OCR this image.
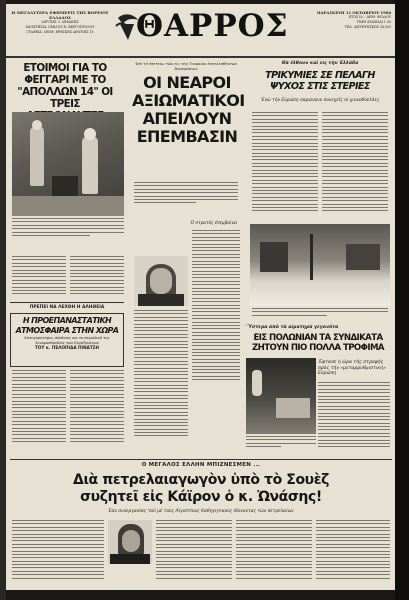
Η ΜΕΓΑΛΥΤΕΡΑ ΕΦΗΜΕΡΙΣ ΤΗΣ ΒΟΡΕΙΟΥ ΕΛΛΑΔΟΣ
ΙΔΡΥΤΗΣ: Ι. ΛΕΦΑΚΗΣ
ΙΔΙΟΚΤΗΣΙΑ: ΟΜΙΛΟΣ Ν. ΒΕΡΓΟΠΟΥΛΟΥ
ΓΡΑΦΕΙΑ: ΛΕΩΦ. ΕΘΝΙΚΗΣ ΑΜΥΝΗΣ 15	ΘΑΡΡΟΣ	ΠΑΡΑΣΚΕΥΗ 11 ΟΚΤΩΒΡΙΟΥ 1968
ΕΤΟΣ ΙΔ' - ΑΡΙΘ. ΦΥΛΛΟΥ
ΤΙΜΗ ΔΡΑΧΜΑΙ 1.50
ΤΗΛ. ΔΙΕΥΘΥΝΣΕΩΣ 26.555
ΕΤΟΙΜΟΙ ΓΙΑ ΤΟ ΦΕΓΓΑΡΙ ΜΕ ΤΟ "ΑΠΟΛΛΩΝ 14" ΟΙ ΤΡΕΙΣ
ΠΡΕΠΕΙ ΝΑ ΛΕΧΘΗ Η ΑΛΗΘΕΙΑ
Η ΠΡΟΕΠΑΝΑΣΤΑΤΙΚΗ ΑΤΜΟΣΦΑΙΡΑ ΣΤΗΝ ΧΩΡΑ
Κατηγορητήριο, σύνθεσις και το περιοδικό της Συνομοσπονδίας των Εργαζομένων
ΤΟΥ κ. ΠΕΛΟΠΙΔΑ ΠΙΝΑΤΣΗ
'Επί τή ἐπετείω τῶν εἰς τὴν Τουρκίαν ἐκτελεσθέντων Ἀνακρίσεων
ΟΙ ΝΕΑΡΟΙ ΑΞΙΩΜΑΤΙΚΟΙ ΑΠΕΙΛΟΥΝ ΕΠΕΜΒΑΣΙΝ
Ὁ στρατός ἐπεμβαίνει
Θὰ ἔλθουν καὶ εἰς τὴν Ἑλλάδα
ΤΡΙΚΥΜΙΕΣ ΣΕ ΠΕΛΑΓΗ ΨΥΧΟΣ ΣΤΙΣ ΣΤΕΡΙΕΣ
'Ενῶ τὴν Εὐρώπη σαρώνουν συνεχεῖς οἱ χιονοθύελλες
'Ύστερα ἀπὸ τὰ αἱματηρὰ γεγονότα
ΕΙΣ ΠΟΛΩΝΙΑΝ ΤΑ ΣΥΝΔΙΚΑΤΑ ΖΗΤΟΥΝ ΠΙΟ ΠΟΛΛΑ ΤΡΟΦΙΜΑ
Ἔφτασε ἡ ὥρα τῆς στροφῆς πρὸς τὴν «μεταρρυθμιστική» Εὐρώπη
Ο ΜΕΓΑΛΟΣ ΕΛΛΗΝ ΜΠΙΖΝΕΣΜΕΝ ...
Διὰ πετρελαιαγωγὸν ὑπὸ τὸ Σουὲζ
συζητεῖ εἰς Κάϊρον ὁ κ. Ὠνάσης!
Ἐὰν συνεργασίας τοῦ μὲ τοὺς Αἰγυπτίους Καθηγητικοὺς ἰθύνοντας τῶν πετρελαίων
